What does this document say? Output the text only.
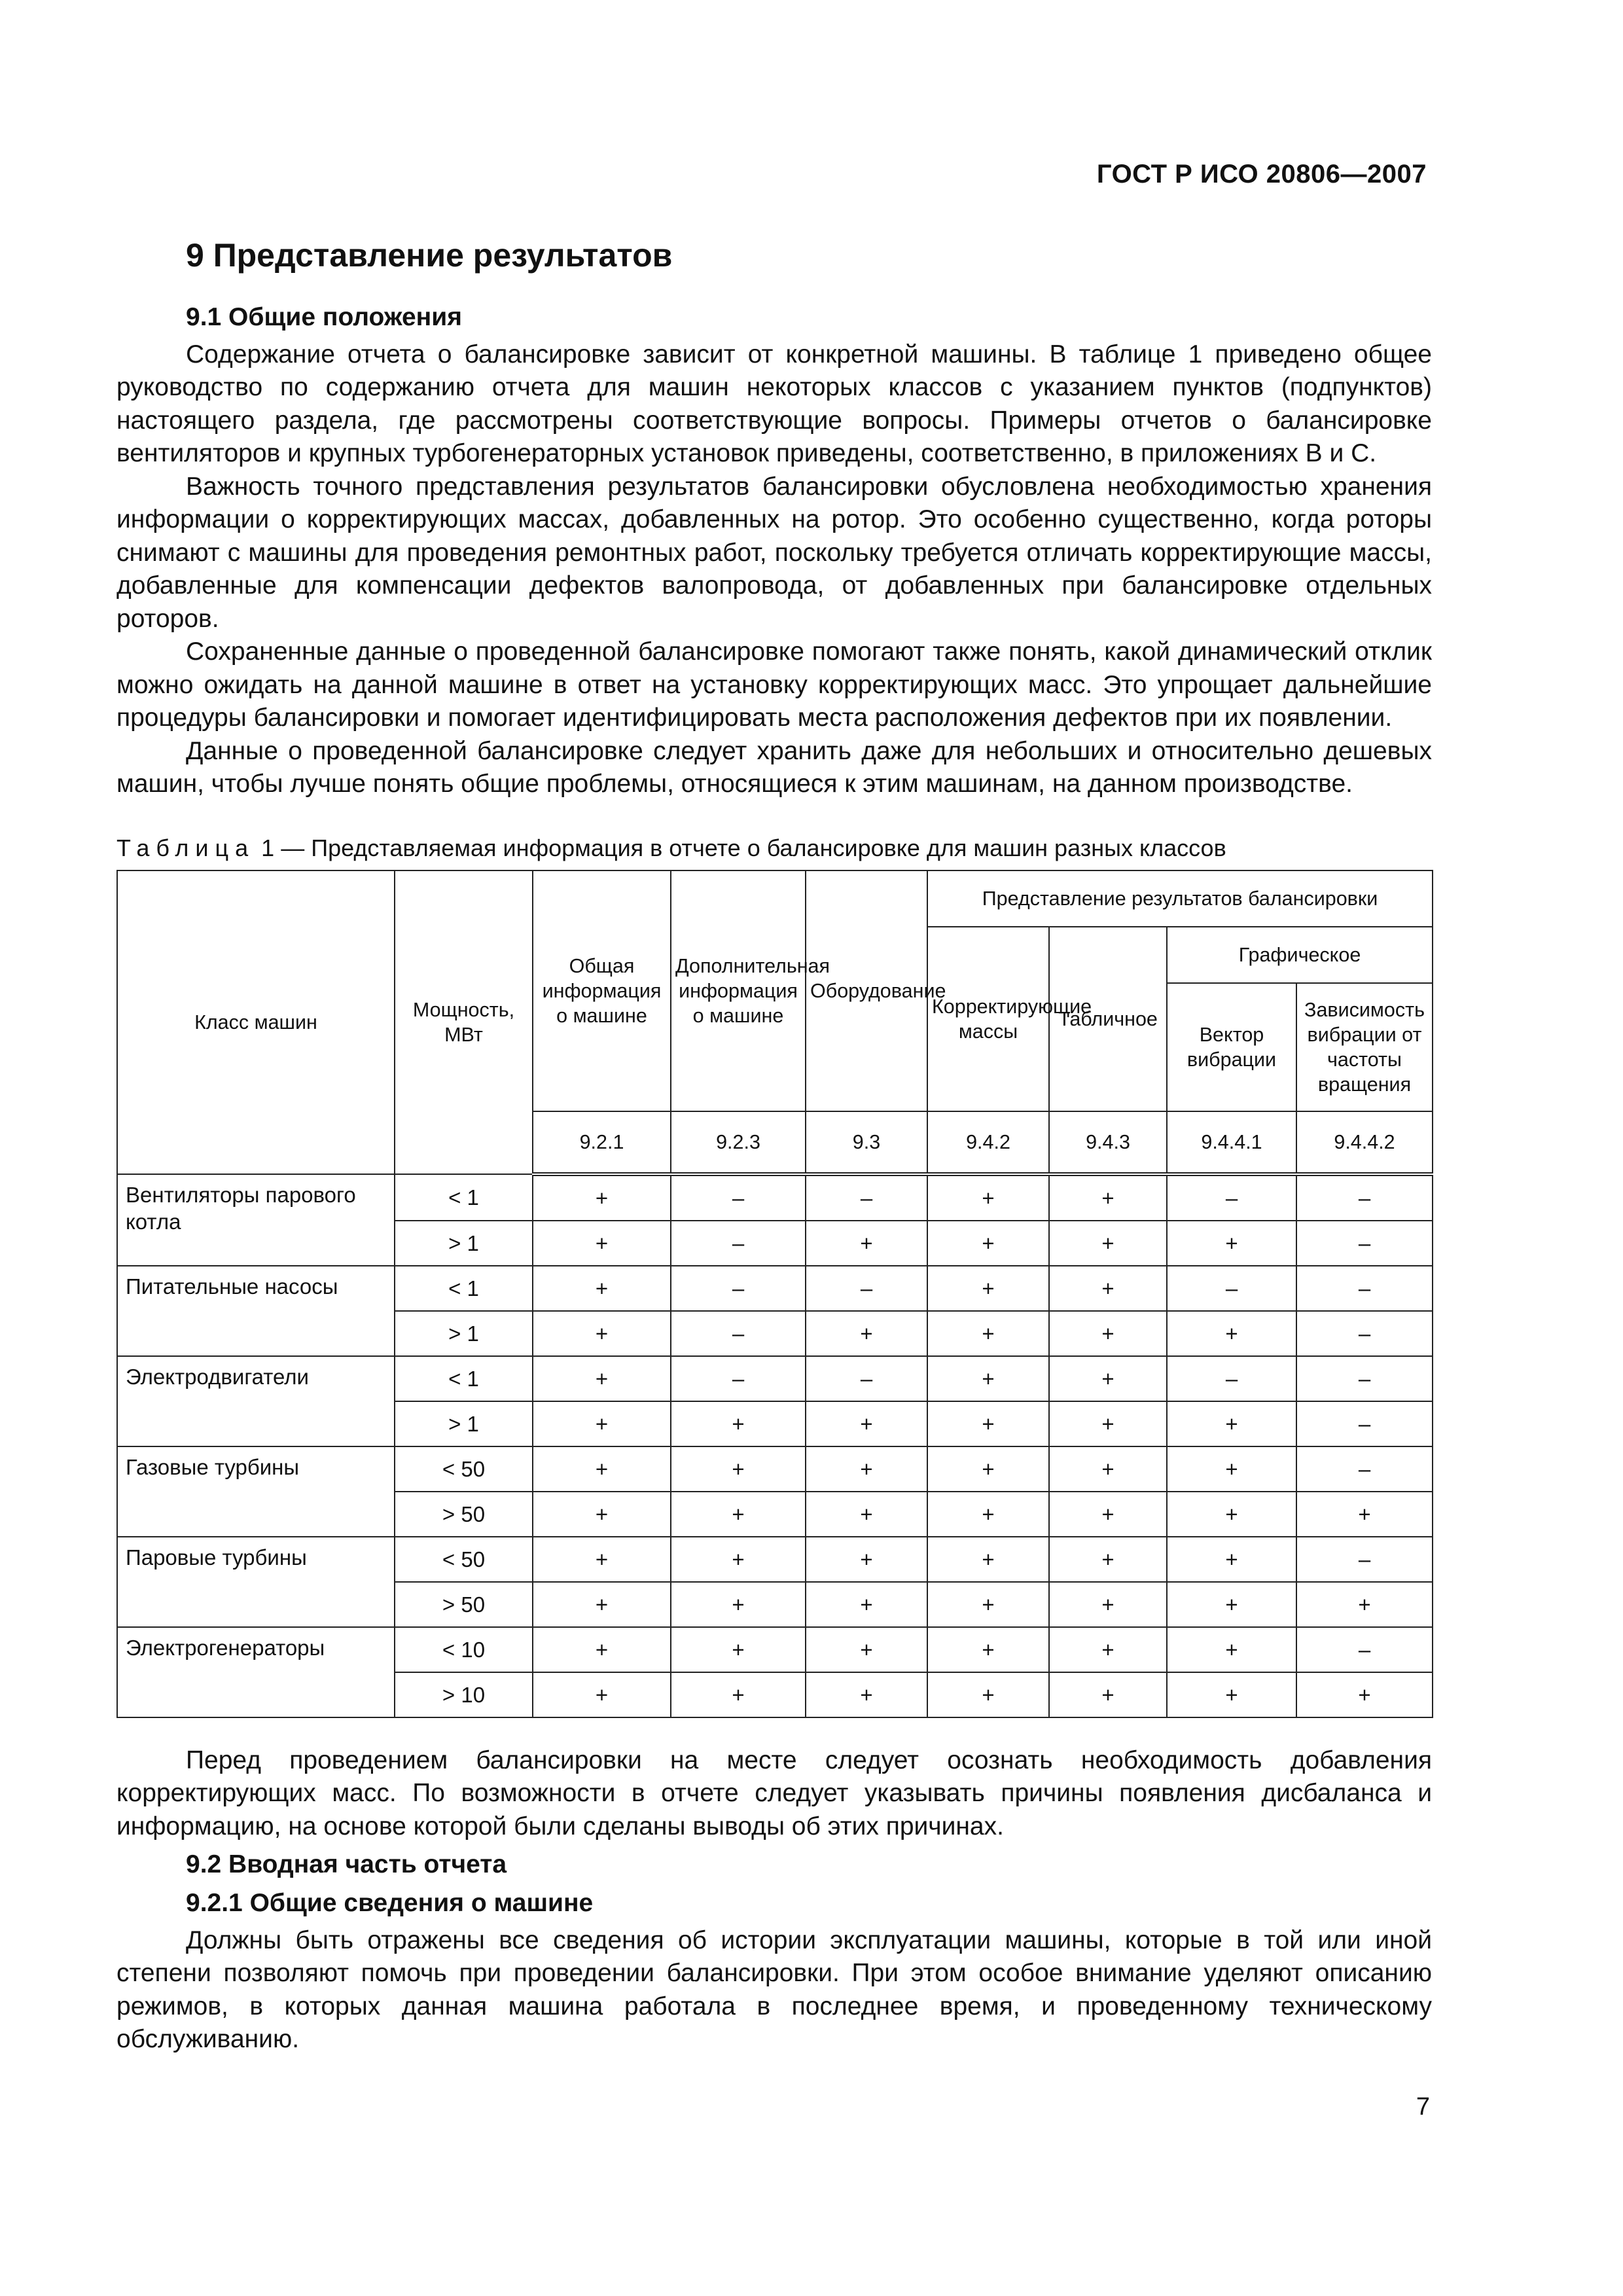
ГОСТ Р ИСО 20806—2007
9 Представление результатов
9.1 Общие положения

Содержание отчета о балансировке зависит от конкретной машины. В таблице 1 приведено общее руководство по содержанию отчета для машин некоторых классов с указанием пунктов (подпунктов) настоящего раздела, где рассмотрены соответствующие вопросы. Примеры отчетов о балансировке вентиляторов и крупных турбогенераторных установок приведены, соответственно, в приложениях В и С.

Важность точного представления результатов балансировки обусловлена необходимостью хранения информации о корректирующих массах, добавленных на ротор. Это особенно существенно, когда роторы снимают с машины для проведения ремонтных работ, поскольку требуется отличать корректирующие массы, добавленные для компенсации дефектов валопровода, от добавленных при балансировке отдельных роторов.

Сохраненные данные о проведенной балансировке помогают также понять, какой динамический отклик можно ожидать на данной машине в ответ на установку корректирующих масс. Это упрощает дальнейшие процедуры балансировки и помогает идентифицировать места расположения дефектов при их появлении.

Данные о проведенной балансировке следует хранить даже для небольших и относительно дешевых машин, чтобы лучше понять общие проблемы, относящиеся к этим машинам, на данном производстве.

Таблица 1 — Представляемая информация в отчете о балансировке для машин разных классов
Класс машин	Мощность, МВт	Общая информация о машине	Дополнительная информация о машине	Оборудование	Представление результатов балансировки			
					Корректирующие массы	Табличное	Графическое	
							Вектор вибрации	Зависимость вибрации от частоты вращения
		9.2.1	9.2.3	9.3	9.4.2	9.4.3	9.4.4.1	9.4.4.2
Вентиляторы парового котла	< 1	+	–	–	+	+	–	–
	> 1	+	–	+	+	+	+	–
Питательные насосы	< 1	+	–	–	+	+	–	–
	> 1	+	–	+	+	+	+	–
Электродвигатели	< 1	+	–	–	+	+	–	–
	> 1	+	+	+	+	+	+	–
Газовые турбины	< 50	+	+	+	+	+	+	–
	> 50	+	+	+	+	+	+	+
Паровые турбины	< 50	+	+	+	+	+	+	–
	> 50	+	+	+	+	+	+	+
Электрогенераторы	< 10	+	+	+	+	+	+	–
	> 10	+	+	+	+	+	+	+

Перед проведением балансировки на месте следует осознать необходимость добавления корректирующих масс. По возможности в отчете следует указывать причины появления дисбаланса и информацию, на основе которой были сделаны выводы об этих причинах.

9.2 Вводная часть отчета
9.2.1 Общие сведения о машине

Должны быть отражены все сведения об истории эксплуатации машины, которые в той или иной степени позволяют помочь при проведении балансировки. При этом особое внимание уделяют описанию режимов, в которых данная машина работала в последнее время, и проведенному техническому обслуживанию.

7
